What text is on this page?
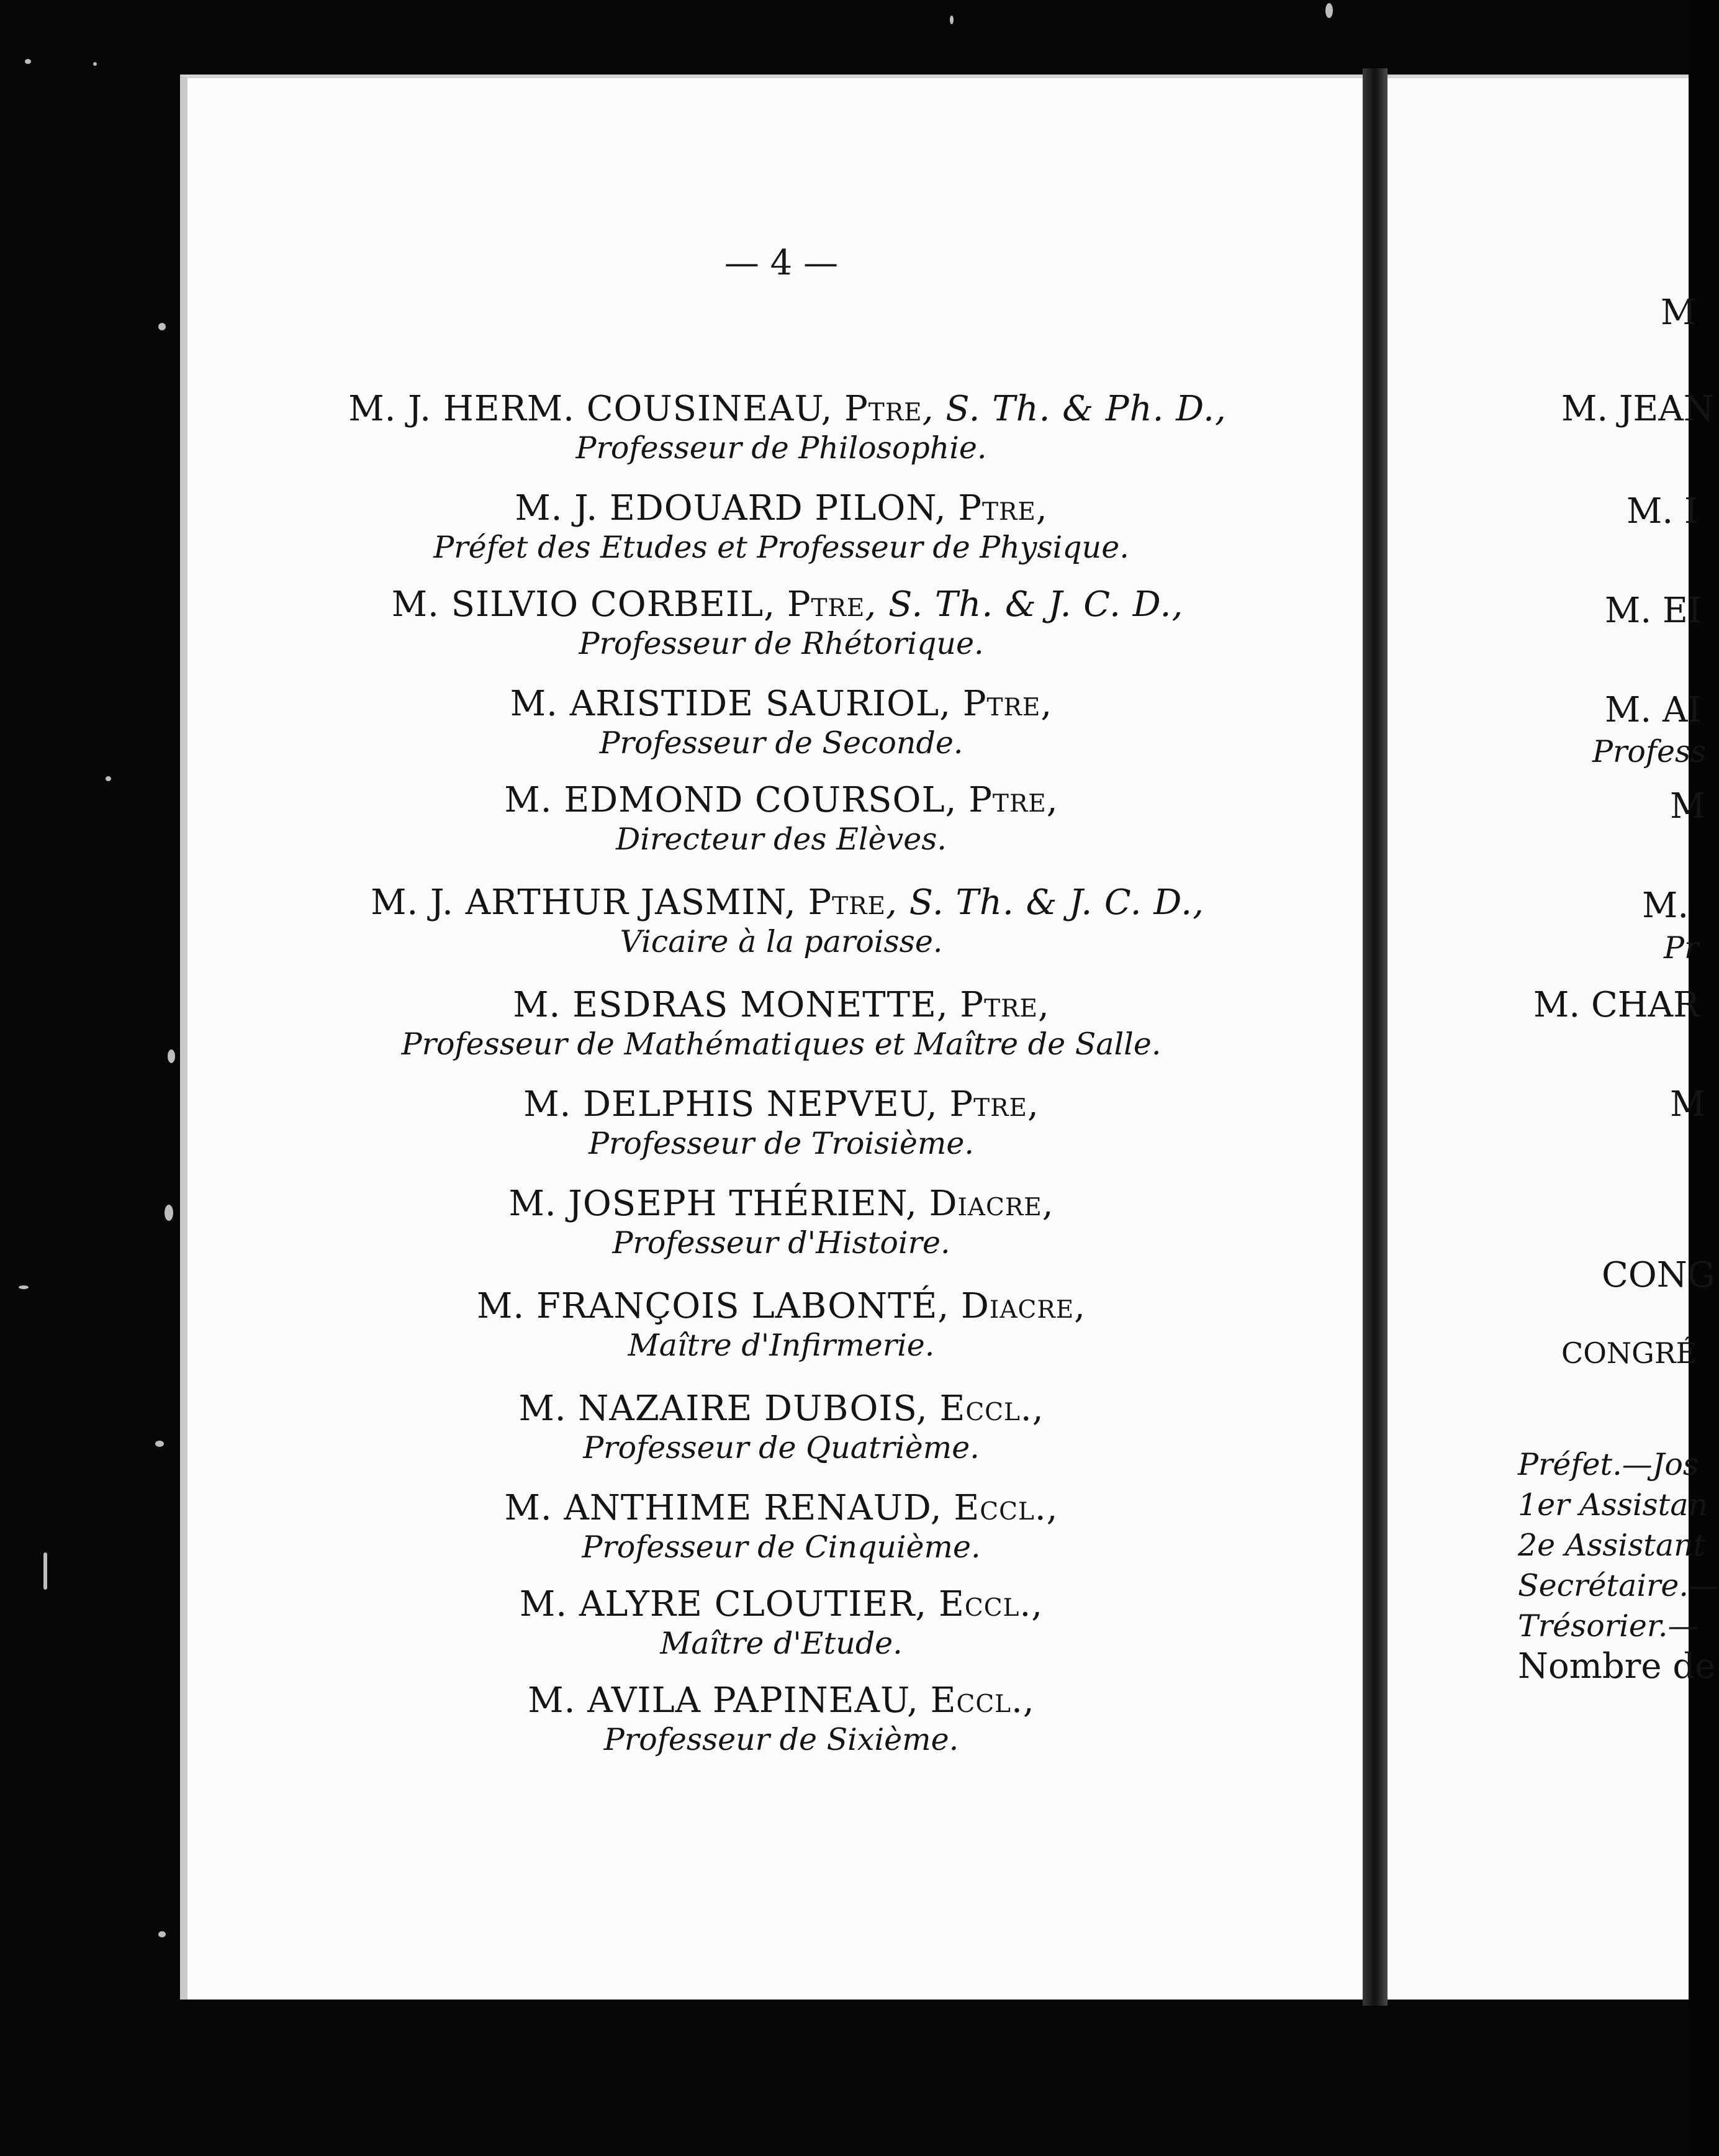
— 4 —
M. J. HERM. COUSINEAU, Ptre, S. Th. & Ph. D.,
Professeur de Philosophie.
M. J. EDOUARD PILON, Ptre,
Préfet des Etudes et Professeur de Physique.
M. SILVIO CORBEIL, Ptre, S. Th. & J. C. D.,
Professeur de Rhétorique.
M. ARISTIDE SAURIOL, Ptre,
Professeur de Seconde.
M. EDMOND COURSOL, Ptre,
Directeur des Elèves.
M. J. ARTHUR JASMIN, Ptre, S. Th. & J. C. D.,
Vicaire à la paroisse.
M. ESDRAS MONETTE, Ptre,
Professeur de Mathématiques et Maître de Salle.
M. DELPHIS NEPVEU, Ptre,
Professeur de Troisième.
M. JOSEPH THÉRIEN, Diacre,
Professeur d'Histoire.
M. FRANÇOIS LABONTÉ, Diacre,
Maître d'Infirmerie.
M. NAZAIRE DUBOIS, Eccl.,
Professeur de Quatrième.
M. ANTHIME RENAUD, Eccl.,
Professeur de Cinquième.
M. ALYRE CLOUTIER, Eccl.,
Maître d'Etude.
M. AVILA PAPINEAU, Eccl.,
Professeur de Sixième.
M
M. JEAN
M. I
M. EI
M. AI
Profess
M
M.
Pr
M. CHAR
M
CONG
CONGRÉ
Préfet.—Jos
1er Assistan
2e Assistant
Secrétaire.—
Trésorier.—
Nombre de
